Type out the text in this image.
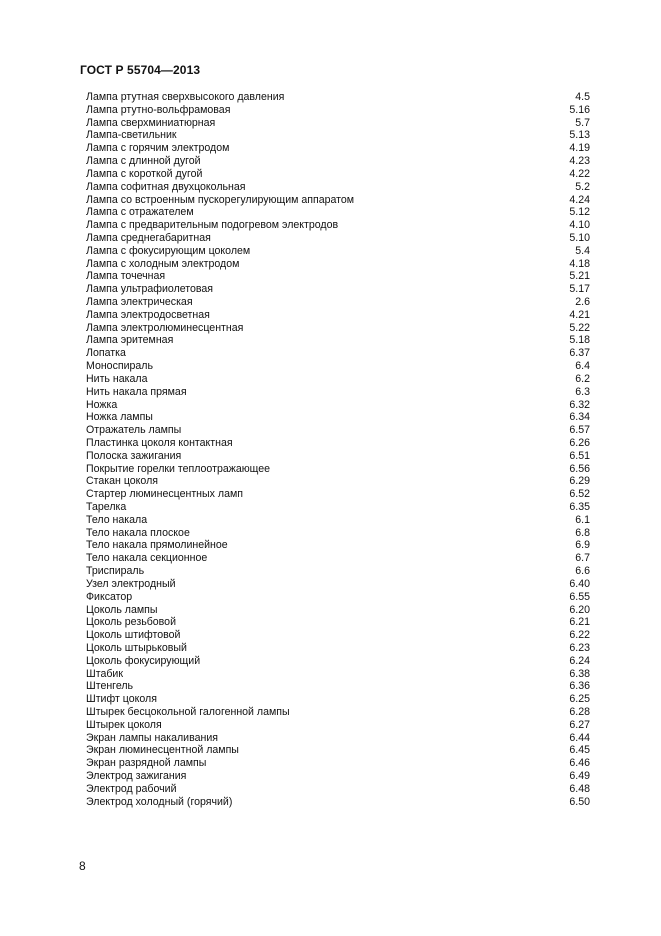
ГОСТ Р 55704—2013
Лампа ртутная сверхвысокого давления	4.5
Лампа ртутно-вольфрамовая	5.16
Лампа сверхминиатюрная	5.7
Лампа-светильник	5.13
Лампа с горячим электродом	4.19
Лампа с длинной дугой	4.23
Лампа с короткой дугой	4.22
Лампа софитная двухцокольная	5.2
Лампа со встроенным пускорегулирующим аппаратом	4.24
Лампа с отражателем	5.12
Лампа с предварительным подогревом электродов	4.10
Лампа среднегабаритная	5.10
Лампа с фокусирующим цоколем	5.4
Лампа с холодным электродом	4.18
Лампа точечная	5.21
Лампа ультрафиолетовая	5.17
Лампа электрическая	2.6
Лампа электродосветная	4.21
Лампа электролюминесцентная	5.22
Лампа эритемная	5.18
Лопатка	6.37
Моноспираль	6.4
Нить накала	6.2
Нить накала прямая	6.3
Ножка	6.32
Ножка лампы	6.34
Отражатель лампы	6.57
Пластинка цоколя контактная	6.26
Полоска зажигания	6.51
Покрытие горелки теплоотражающее	6.56
Стакан цоколя	6.29
Стартер люминесцентных ламп	6.52
Тарелка	6.35
Тело накала	6.1
Тело накала плоское	6.8
Тело накала прямолинейное	6.9
Тело накала секционное	6.7
Триспираль	6.6
Узел электродный	6.40
Фиксатор	6.55
Цоколь лампы	6.20
Цоколь резьбовой	6.21
Цоколь штифтовой	6.22
Цоколь штырьковый	6.23
Цоколь фокусирующий	6.24
Штабик	6.38
Штенгель	6.36
Штифт цоколя	6.25
Штырек бесцокольной галогенной лампы	6.28
Штырек цоколя	6.27
Экран лампы накаливания	6.44
Экран люминесцентной лампы	6.45
Экран разрядной лампы	6.46
Электрод зажигания	6.49
Электрод рабочий	6.48
Электрод холодный (горячий)	6.50
8
